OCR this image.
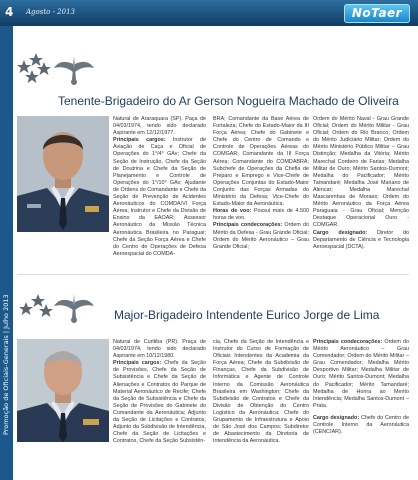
4 Agosto - 2013	NoTaer
Promoção de Oficiais-Generais | Julho 2013
Tenente-Brigadeiro do Ar Gerson Nogueira Machado de Oliveira

Natural de Araraquara (SP). Paça de 04/03/1974, tendo sido declarado Aspirante em 12/12/1977.

Principais cargos: Instrutor de Aviação de Caça e Oficial de Operações do 1°/4° GAv; Chefe da Seção de Instrução, Chefe da Seção de Doutrina e Chefe da Seção de Planejamento e Controle de Operações do 1°/10° GAv; Ajudante de Ordens do Comandante e Chefe da Seção de Prevenção de Acidentes Aeronáuticos do COMDA/VI Força Aérea; Instrutor e Chefe da Divisão de Ensino da EAOAR; Assessor Aeronáutico da Missão Técnica Aeronáutica Brasileira no Paraguai; Chefe da Seção Força Aérea e Chefe do Centro de Operações de Defesa Aeroespacial do COMDA-

BRA; Comandante da Base Aérea de Fortaleza; Chefe do Estado-Maior da III Força Aérea; Chefe do Gabinete e Chefe do Centro de Comando e Controle de Operações Aéreas do COMGAR; Comandante da III Força Aérea; Comandante do COMDABRA; Subchefe de Operações da Chefia de Preparo e Emprego e Vice-Chefe de Operações Conjuntas do Estado-Maior Conjunto das Forças Armadas do Ministério da Defesa; Vice-Chefe do Estado-Maior da Aeronáutica.

Horas de voo: Possui mais de 4.500 horas de voo.

Principais condecorações: Ordem do Mérito da Defesa - Grau Grande Oficial; Ordem do Mérito Aeronáutico – Grau Grande Oficial;

Ordem do Mérito Naval - Grau Grande Oficial; Ordem do Mérito Militar - Grau Oficial; Ordem do Rio Branco; Ordem do Mérito Judiciário Militar; Ordem do Mérito Ministério Público Militar – Grau Distinção; Medalha da Vitória; Mérito Marechal Cordeiro de Farias; Medalha Militar de Ouro; Mérito Santos-Dumont; Medalha do Pacificador; Mérito Tamandaré; Medalha José Mariano de Alencar; Medalha Marechal Mascarenhas de Moraes; Ordem do Mérito Aeronáutico da Força Aérea Paraguaia - Grau Oficial; Menção Destaque Operacional Ouro - COMGAR.

Cargo designado: Diretor do Departamento de Ciência e Tecnologia Aeroespacial (DCTA).

Major-Brigadeiro Intendente Eurico Jorge de Lima

Natural de Curitiba (PR). Praça de 04/03/1974, tendo sido declarado Aspirante em 10/12/1980.

Principais cargos: Chefe da Seção de Provisões, Chefe da Seção de Subsistência e Chefe da Seção de Alienações e Contratos do Parque de Material Aeronáutico de Recife; Chefe da Seção de Subsistência e Chefe da Seção de Provisões do Gabinete do Comandante da Aeronáutica; Adjunto da Seção de Licitações e Contratos, Adjunto da Subdivisão de Intendência, Chefe da Seção de Licitações e Contratos, Chefe da Seção Subsistên-

cia, Chefe da Seção de Intendência e Instrutor do Curso de Formação de Oficiais Intendentes da Academia da Força Aérea; Chefe da Subdivisão de Finanças, Chefe da Subdivisão de Informática e Agente de Controle Interno da Comissão Aeronáutica Brasileira em Washington; Chefe da Subdivisão de Contratos e Chefe da Divisão de Obtenção do Centro Logístico da Aeronáutica; Chefe do Grupamento de Infraestrutura e Apoio de São José dos Campos; Subdiretor de Abastecimento da Diretoria de Intendência da Aeronáutica.

Principais condecorações: Ordem do Mérito Aeronáutico – Grau Comendador; Ordem do Mérito Militar – Grau Comendador; Medalha Mérito Desportivo Militar; Medalha Militar de Ouro; Mérito Santos-Dumont; Medalha do Pacificador; Mérito Tamandaré; Medalha de Honra ao Merito Intendência; Medalha Santos-Dumont – Prata.

Cargo designado: Chefe do Centro de Controle Interno da Aeronáutica (CENCIAR).
